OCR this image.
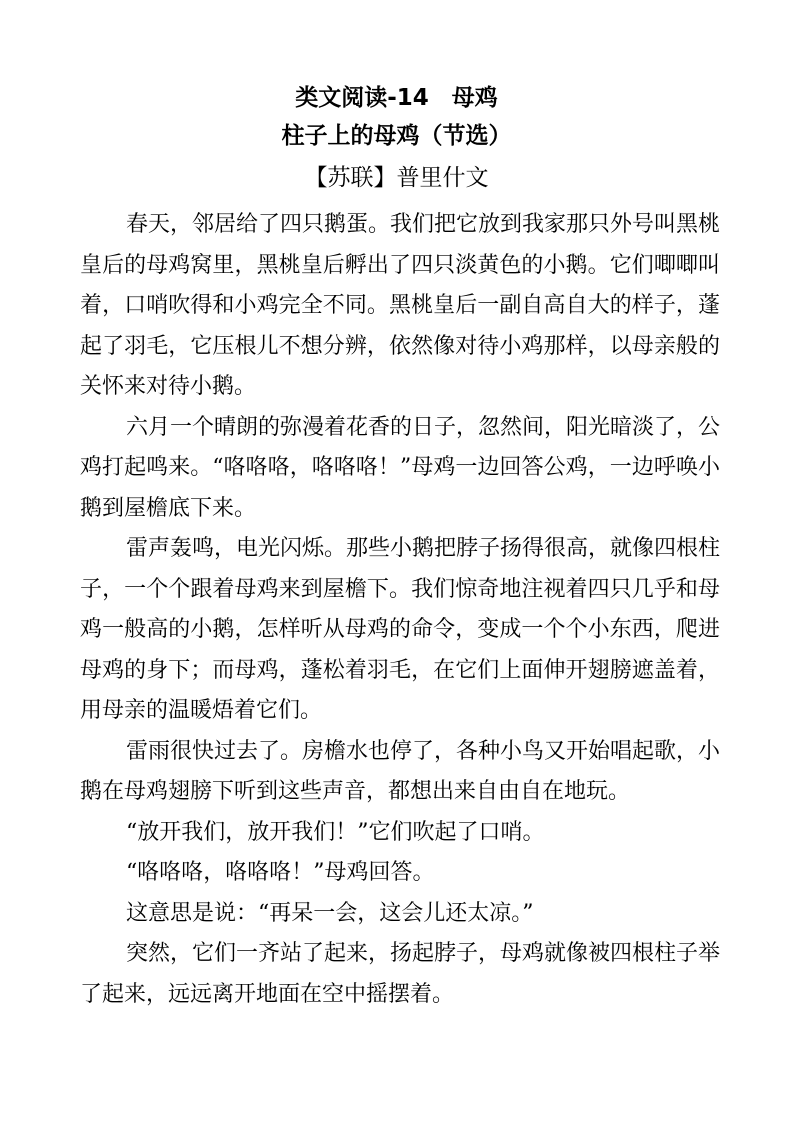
类文阅读-14　母鸡
柱子上的母鸡（节选）
【苏联】普里什文

春天，邻居给了四只鹅蛋。我们把它放到我家那只外号叫黑桃皇后的母鸡窝里，黑桃皇后孵出了四只淡黄色的小鹅。它们唧唧叫着，口哨吹得和小鸡完全不同。黑桃皇后一副自高自大的样子，蓬起了羽毛，它压根儿不想分辨，依然像对待小鸡那样，以母亲般的关怀来对待小鹅。

六月一个晴朗的弥漫着花香的日子，忽然间，阳光暗淡了，公鸡打起鸣来。“咯咯咯，咯咯咯！”母鸡一边回答公鸡，一边呼唤小鹅到屋檐底下来。

雷声轰鸣，电光闪烁。那些小鹅把脖子扬得很高，就像四根柱子，一个个跟着母鸡来到屋檐下。我们惊奇地注视着四只几乎和母鸡一般高的小鹅，怎样听从母鸡的命令，变成一个个小东西，爬进母鸡的身下；而母鸡，蓬松着羽毛，在它们上面伸开翅膀遮盖着，用母亲的温暖焐着它们。

雷雨很快过去了。房檐水也停了，各种小鸟又开始唱起歌，小鹅在母鸡翅膀下听到这些声音，都想出来自由自在地玩。

“放开我们，放开我们！”它们吹起了口哨。

“咯咯咯，咯咯咯！”母鸡回答。

这意思是说：“再呆一会，这会儿还太凉。”

突然，它们一齐站了起来，扬起脖子，母鸡就像被四根柱子举了起来，远远离开地面在空中摇摆着。
